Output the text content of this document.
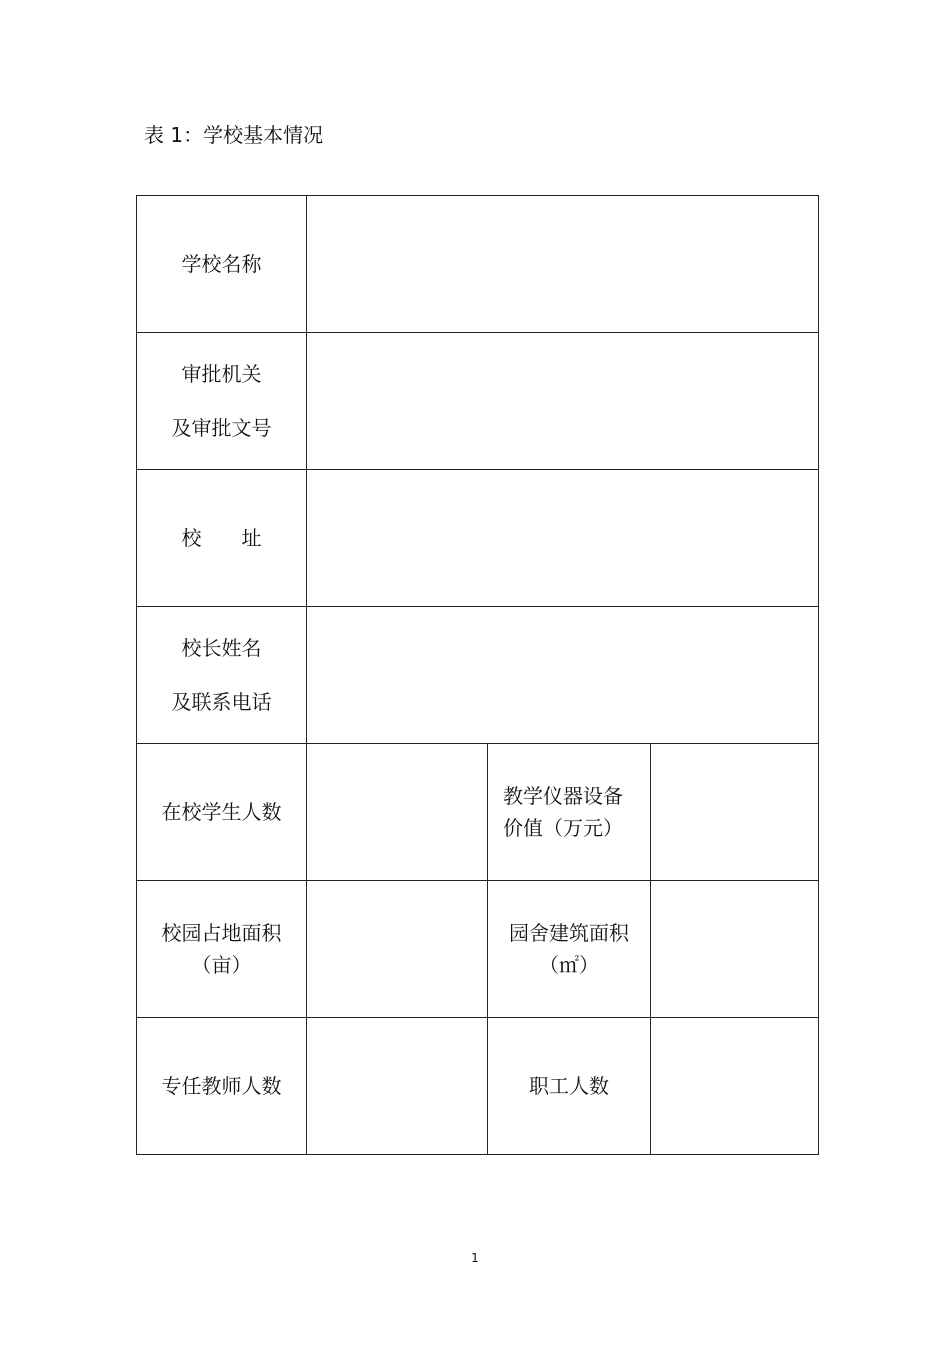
表 1：学校基本情况
学校名称			

审批机关
及审批文号			

校　　址			

校长姓名
及联系电话			

在校学生人数		教学仪器设备
价值（万元）	

校园占地面积
（亩）		园舍建筑面积
（㎡）	

专任教师人数		职工人数	

1
